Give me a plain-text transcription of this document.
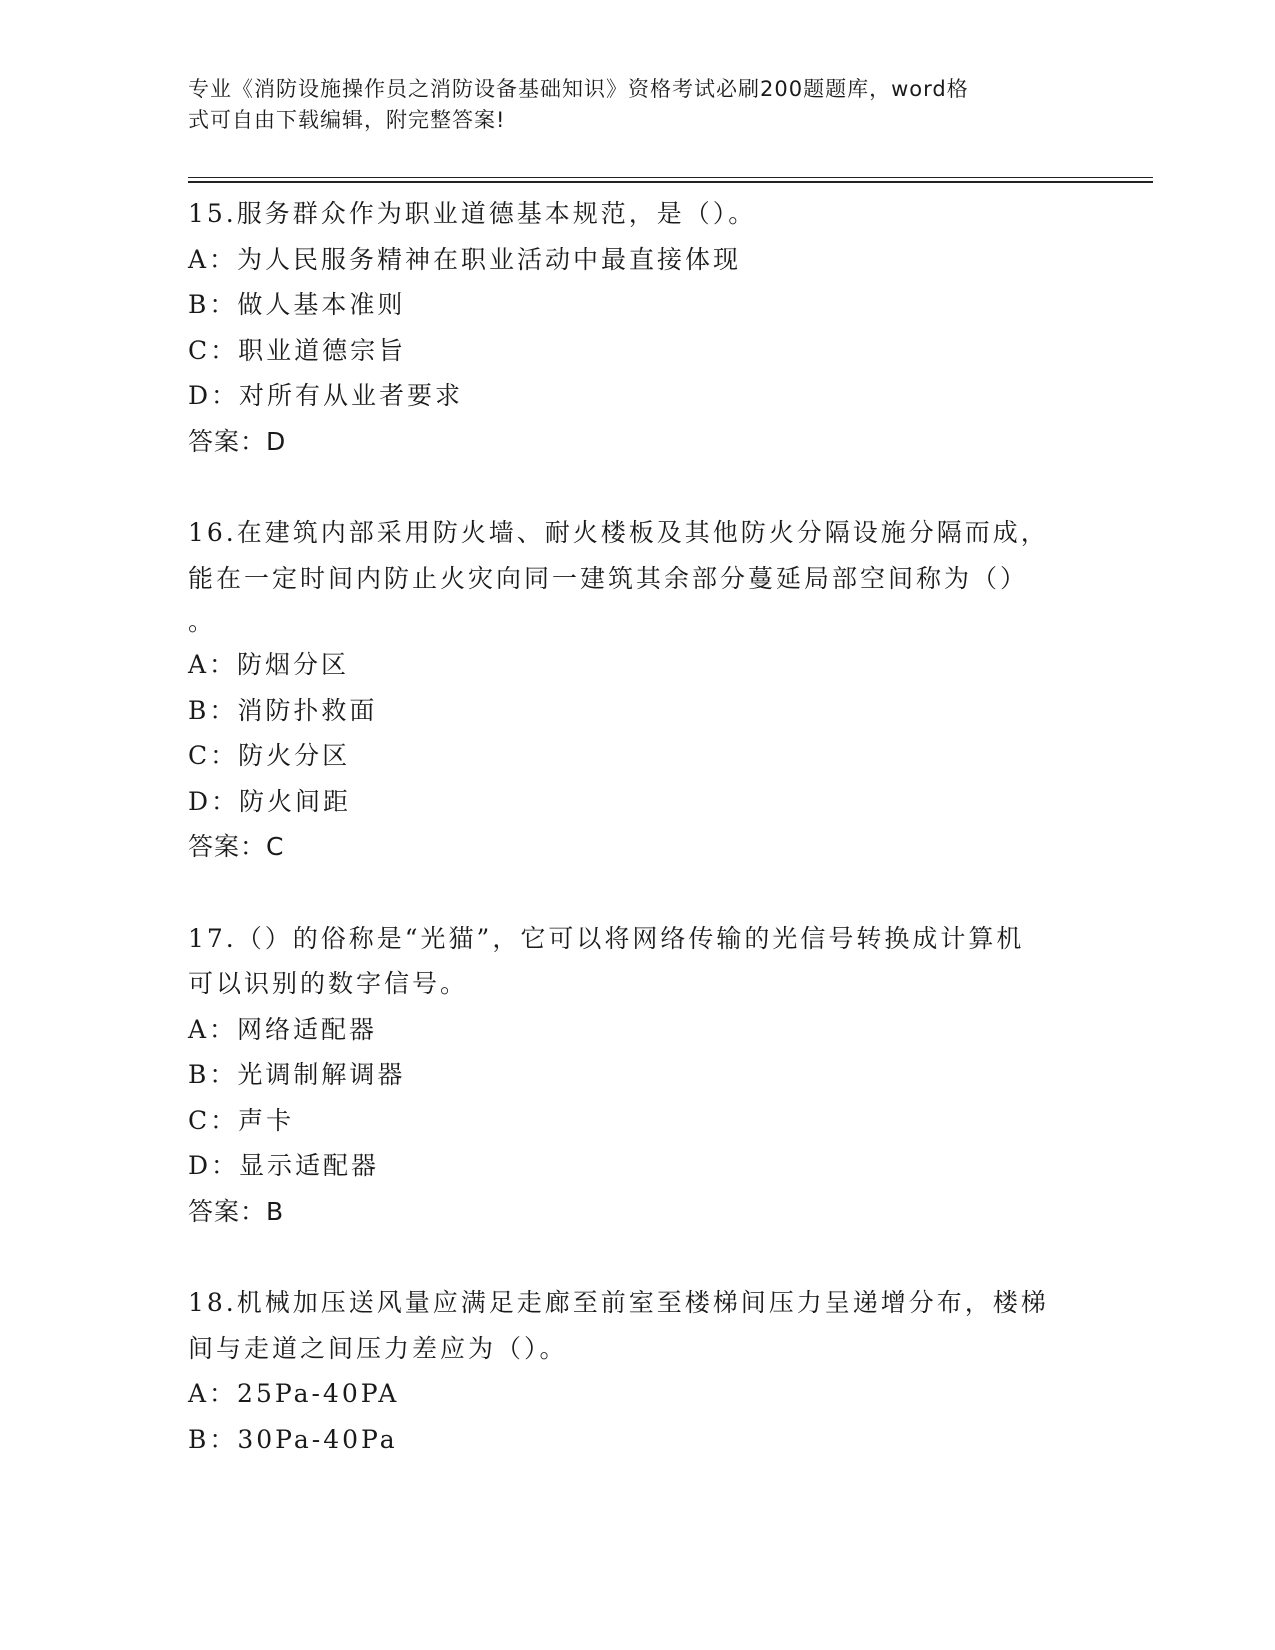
专业《消防设施操作员之消防设备基础知识》资格考试必刷200题题库，word格
式可自由下载编辑，附完整答案!
15.服务群众作为职业道德基本规范，是（）。
A：为人民服务精神在职业活动中最直接体现
B：做人基本准则
C：职业道德宗旨
D：对所有从业者要求
答案：D
16.在建筑内部采用防火墙、耐火楼板及其他防火分隔设施分隔而成，
能在一定时间内防止火灾向同一建筑其余部分蔓延局部空间称为（）
。
A：防烟分区
B：消防扑救面
C：防火分区
D：防火间距
答案：C
17.（）的俗称是“光猫”，它可以将网络传输的光信号转换成计算机
可以识别的数字信号。
A：网络适配器
B：光调制解调器
C：声卡
D：显示适配器
答案：B
18.机械加压送风量应满足走廊至前室至楼梯间压力呈递增分布，楼梯
间与走道之间压力差应为（）。
A：25Pa-40PA
B：30Pa-40Pa
